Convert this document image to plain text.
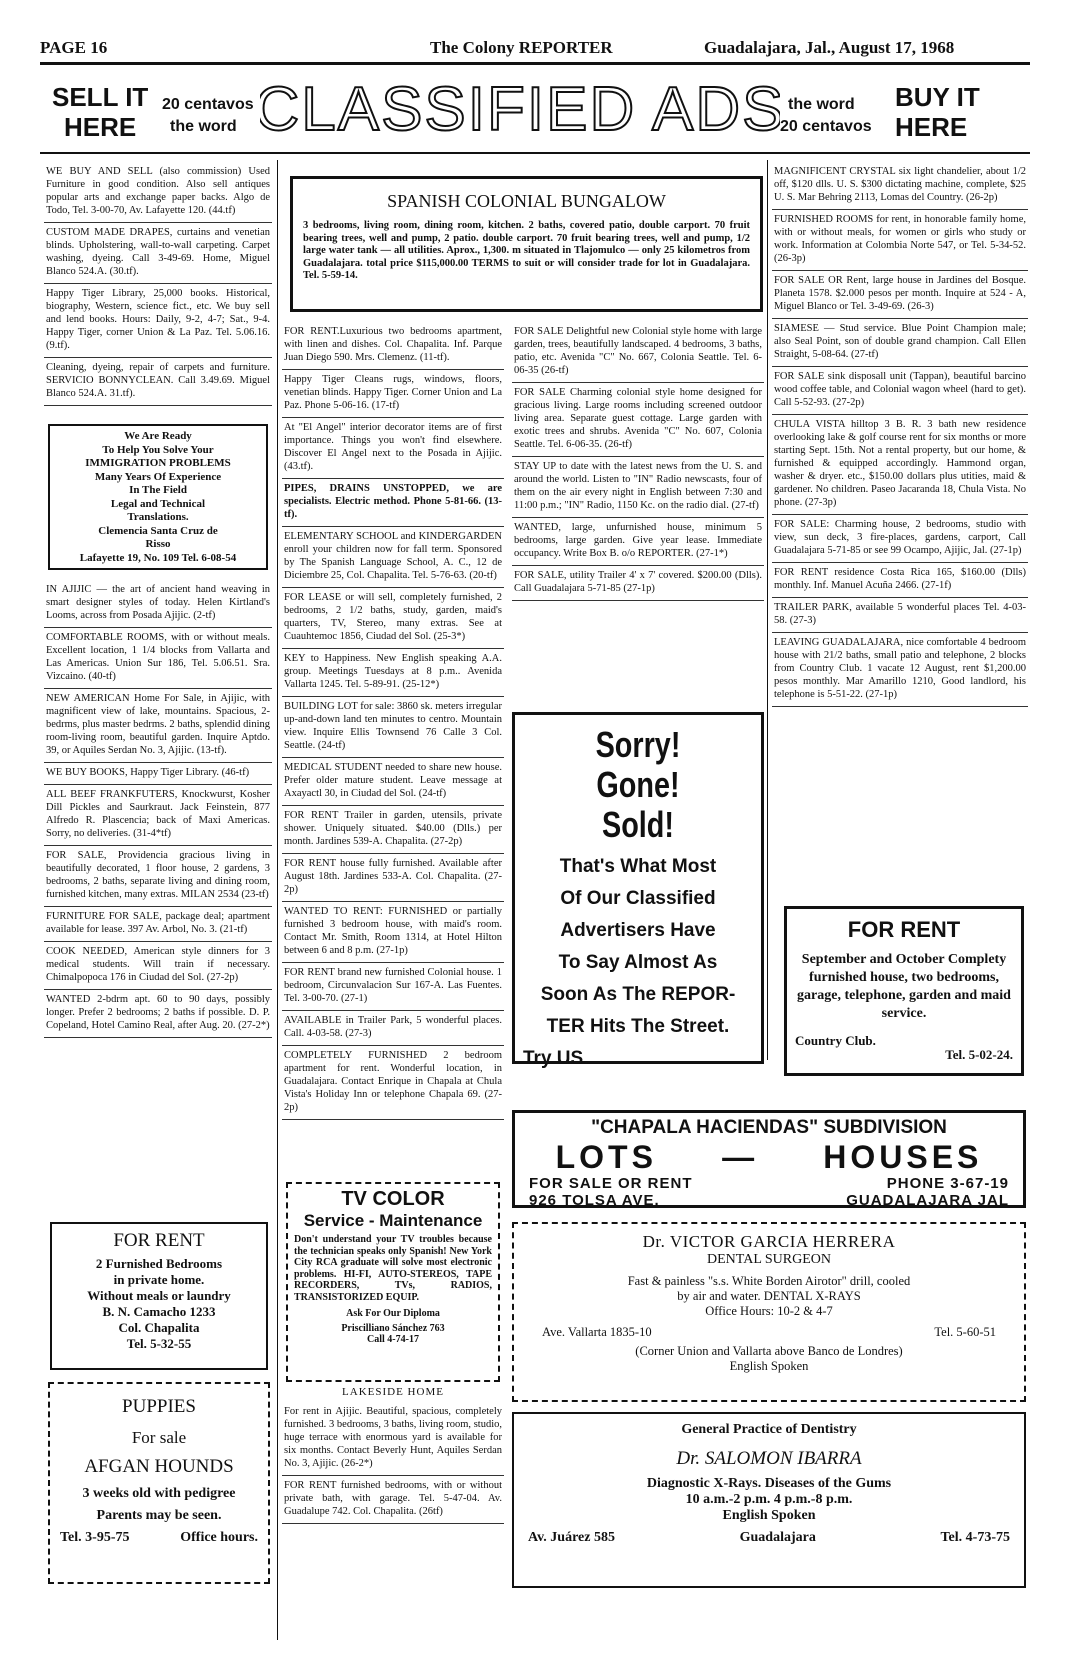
PAGE 16	The Colony REPORTER	Guadalajara, Jal., August 17, 1968
SELL IT
HERE
20 centavos
the word CLASSIFIED ADS the word
20 centavos
BUY IT
HERE
WE BUY AND SELL (also commission) Used Furniture in good condition. Also sell antiques popular arts and exchange paper backs. Algo de Todo, Tel. 3-00-70, Av. Lafayette 120. (44.tf)
CUSTOM MADE DRAPES, curtains and venetian blinds. Upholstering, wall-to-wall carpeting. Carpet washing, dyeing. Call 3-49-69. Home, Miguel Blanco 524.A. (30.tf).
Happy Tiger Library, 25,000 books. Historical, biography, Western, science fict., etc. We buy sell and lend books. Hours: Daily, 9-2, 4-7; Sat., 9-4. Happy Tiger, corner Union & La Paz. Tel. 5.06.16. (9.tf).
Cleaning, dyeing, repair of carpets and furniture. SERVICIO BONNYCLEAN. Call 3.49.69. Miguel Blanco 524.A. 31.tf).
We Are Ready
To Help You Solve Your
IMMIGRATION PROBLEMS
Many Years Of Experience
In The Field
Legal and Technical
Translations.
Clemencia Santa Cruz de
Risso
Lafayette 19, No. 109 Tel. 6-08-54
IN AJIJIC — the art of ancient hand weaving in smart designer styles of today. Helen Kirtland's Looms, across from Posada Ajijic. (2-tf)
COMFORTABLE ROOMS, with or without meals. Excellent location, 1 1/4 blocks from Vallarta and Las Americas. Union Sur 186, Tel. 5.06.51. Sra. Vizcaino. (40-tf)
NEW AMERICAN Home For Sale, in Ajijic, with magnificent view of lake, mountains. Spacious, 2-bedrms, plus master bedrms. 2 baths, splendid dining room-living room, beautiful garden. Inquire Aptdo. 39, or Aquiles Serdan No. 3, Ajijic. (13-tf).
WE BUY BOOKS, Happy Tiger Library. (46-tf)
ALL BEEF FRANKFUTERS, Knockwurst, Kosher Dill Pickles and Saurkraut. Jack Feinstein, 877 Alfredo R. Plascencia; back of Maxi Americas. Sorry, no deliveries. (31-4*tf)
FOR SALE, Providencia gracious living in beautifully decorated, 1 floor house, 2 gardens, 3 bedrooms, 2 baths, separate living and dining room, furnished kitchen, many extras. MILAN 2534 (23-tf)
FURNITURE FOR SALE, package deal; apartment available for lease. 397 Av. Arbol, No. 3. (21-tf)
COOK NEEDED, American style dinners for 3 medical students. Will train if necessary. Chimalpopoca 176 in Ciudad del Sol. (27-2p)
WANTED 2-bdrm apt. 60 to 90 days, possibly longer. Prefer 2 bedrooms; 2 baths if possible. D. P. Copeland, Hotel Camino Real, after Aug. 20. (27-2*)
FOR RENT
2 Furnished Bedrooms
in private home.
Without meals or laundry
B. N. Camacho 1233
Col. Chapalita
Tel. 5-32-55
PUPPIES
For sale
AFGAN HOUNDS
3 weeks old with pedigree
Parents may be seen.
Tel. 3-95-75	Office hours.
SPANISH COLONIAL BUNGALOW
3 bedrooms, living room, dining room, kitchen. 2 baths, covered patio, double carport. 70 fruit bearing trees, well and pump, 2 patio. double carport. 70 fruit bearing trees, well and pump, 1/2 large water tank — all utilities. Aprox., 1,300. m situated in Tlajomulco — only 25 kilometros from Guadalajara. total price $115,000.00 TERMS to suit or will consider trade for lot in Guadalajara. Tel. 5-59-14.
FOR RENT.Luxurious two bedrooms apartment, with linen and dishes. Col. Chapalita. Inf. Parque Juan Diego 590. Mrs. Clemenz. (11-tf).
Happy Tiger Cleans rugs, windows, floors, venetian blinds. Happy Tiger. Corner Union and La Paz. Phone 5-06-16. (17-tf)
At "El Angel" interior decorator items are of first importance. Things you won't find elsewhere. Discover El Angel next to the Posada in Ajijic. (43.tf).
PIPES, DRAINS UNSTOPPED, we are specialists. Electric method. Phone 5-81-66. (13-tf).
ELEMENTARY SCHOOL and KINDERGARDEN enroll your children now for fall term. Sponsored by The Spanish Language School, A. C., 12 de Diciembre 25, Col. Chapalita. Tel. 5-76-63. (20-tf)
FOR LEASE or will sell, completely furnished, 2 bedrooms, 2 1/2 baths, study, garden, maid's quarters, TV, Stereo, many extras. See at Cuauhtemoc 1856, Ciudad del Sol. (25-3*)
KEY to Happiness. New English speaking A.A. group. Meetings Tuesdays at 8 p.m.. Avenida Vallarta 1245. Tel. 5-89-91. (25-12*)
BUILDING LOT for sale: 3860 sk. meters irregular up-and-down land ten minutes to centro. Mountain view. Inquire Ellis Townsend 76 Calle 3 Col. Seattle. (24-tf)
MEDICAL STUDENT needed to share new house. Prefer older mature student. Leave message at Axayactl 30, in Ciudad del Sol. (24-tf)
FOR RENT Trailer in garden, utensils, private shower. Uniquely situated. $40.00 (Dlls.) per month. Jardines 539-A. Chapalita. (27-2p)
FOR RENT house fully furnished. Available after August 18th. Jardines 533-A. Col. Chapalita. (27-2p)
WANTED TO RENT: FURNISHED or partially furnished 3 bedroom house, with maid's room. Contact Mr. Smith, Room 1314, at Hotel Hilton between 6 and 8 p.m. (27-1p)
FOR RENT brand new furnished Colonial house. 1 bedroom, Circunvalacion Sur 167-A. Las Fuentes. Tel. 3-00-70. (27-1)
AVAILABLE in Trailer Park, 5 wonderful places. Call. 4-03-58. (27-3)
COMPLETELY FURNISHED 2 bedroom apartment for rent. Wonderful location, in Guadalajara. Contact Enrique in Chapala at Chula Vista's Holiday Inn or telephone Chapala 69. (27-2p)
TV COLOR
Service - Maintenance
Don't understand your TV troubles because the technician speaks only Spanish! New York City RCA graduate will solve most electronic problems. HI-FI, AUTO-STEREOS, TAPE RECORDERS, TVs, RADIOS, TRANSISTORIZED EQUIP.
Ask For Our Diploma
Priscilliano Sánchez 763
Call 4-74-17
LAKESIDE HOME
For rent in Ajijic. Beautiful, spacious, completely furnished. 3 bedrooms, 3 baths, living room, studio, huge terrace with enormous yard is available for six months. Contact Beverly Hunt, Aquiles Serdan No. 3, Ajijic. (26-2*)
FOR RENT furnished bedrooms, with or without private bath, with garage. Tel. 5-47-04. Av. Guadalupe 742. Col. Chapalita. (26tf)
FOR SALE Delightful new Colonial style home with large garden, trees, beautifully landscaped. 4 bedrooms, 3 baths, patio, etc. Avenida "C" No. 667, Colonia Seattle. Tel. 6-06-35 (26-tf)
FOR SALE Charming colonial style home designed for gracious living. Large rooms including screened outdoor living area. Separate guest cottage. Large garden with exotic trees and shrubs. Avenida "C" No. 607, Colonia Seattle. Tel. 6-06-35. (26-tf)
STAY UP to date with the latest news from the U. S. and around the world. Listen to "IN" Radio newscasts, four of them on the air every night in English between 7:30 and 11:00 p.m.; "IN" Radio, 1150 Kc. on the radio dial. (27-tf)
WANTED, large, unfurnished house, minimum 5 bedrooms, large garden. Give year lease. Immediate occupancy. Write Box B. o/o REPORTER. (27-1*)
FOR SALE, utility Trailer 4' x 7' covered. $200.00 (Dlls). Call Guadalajara 5-71-85 (27-1p)
Sorry!
Gone!
Sold!
That's What Most
Of Our Classified
Advertisers Have
To Say Almost As
Soon As The REPOR-
TER Hits The Street.
Try US.
MAGNIFICENT CRYSTAL six light chandelier, about 1/2 off, $120 dlls. U. S. $300 dictating machine, complete, $25 U. S. Mar Behring 2113, Lomas del Country. (26-2p)
FURNISHED ROOMS for rent, in honorable family home, with or without meals, for women or girls who study or work. Information at Colombia Norte 547, or Tel. 5-34-52. (26-3p)
FOR SALE OR Rent, large house in Jardines del Bosque. Planeta 1578. $2.000 pesos per month. Inquire at 524 - A, Miguel Blanco or Tel. 3-49-69. (26-3)
SIAMESE — Stud service. Blue Point Champion male; also Seal Point, son of double grand champion. Call Ellen Straight, 5-08-64. (27-tf)
FOR SALE sink disposall unit (Tappan), beautiful barcino wood coffee table, and Colonial wagon wheel (hard to get). Call 5-52-93. (27-2p)
CHULA VISTA hilltop 3 B. R. 3 bath new residence overlooking lake & golf course rent for six months or more starting Sept. 15th. Not a rental property, but our home, & furnished & equipped accordingly. Hammond organ, washer & dryer. etc., $150.00 dollars plus utities, maid & gardener. No children. Paseo Jacaranda 18, Chula Vista. No phone. (27-3p)
FOR SALE: Charming house, 2 bedrooms, studio with view, sun deck, 3 fire-places, gardens, carport, Call Guadalajara 5-71-85 or see 99 Ocampo, Ajijic, Jal. (27-1p)
FOR RENT residence Costa Rica 165, $160.00 (Dlls) monthly. Inf. Manuel Acuña 2466. (27-1f)
TRAILER PARK, available 5 wonderful places Tel. 4-03-58. (27-3)
LEAVING GUADALAJARA, nice comfortable 4 bedroom house with 21/2 baths, small patio and telephone, 2 blocks from Country Club. 1 vacate 12 August, rent $1,200.00 pesos monthly. Mar Amarillo 1210, Good landlord, his telephone is 5-51-22. (27-1p)
FOR RENT
September and October Complety furnished house, two bedrooms, garage, telephone, garden and maid service.
Country Club.
Tel. 5-02-24.
"CHAPALA HACIENDAS" SUBDIVISION
LOTS — HOUSES
FOR SALE OR RENT	PHONE 3-67-19
926 TOLSA AVE.	GUADALAJARA JAL
Dr. VICTOR GARCIA HERRERA
DENTAL SURGEON
Fast & painless "s.s. White Borden Airotor" drill, cooled
by air and water. DENTAL X-RAYS
Office Hours: 10-2 & 4-7
Ave. Vallarta 1835-10	Tel. 5-60-51
(Corner Union and Vallarta above Banco de Londres)
English Spoken
General Practice of Dentistry
Dr. SALOMON IBARRA
Diagnostic X-Rays. Diseases of the Gums
10 a.m.-2 p.m. 4 p.m.-8 p.m.
English Spoken
Av. Juárez 585	Guadalajara	Tel. 4-73-75
